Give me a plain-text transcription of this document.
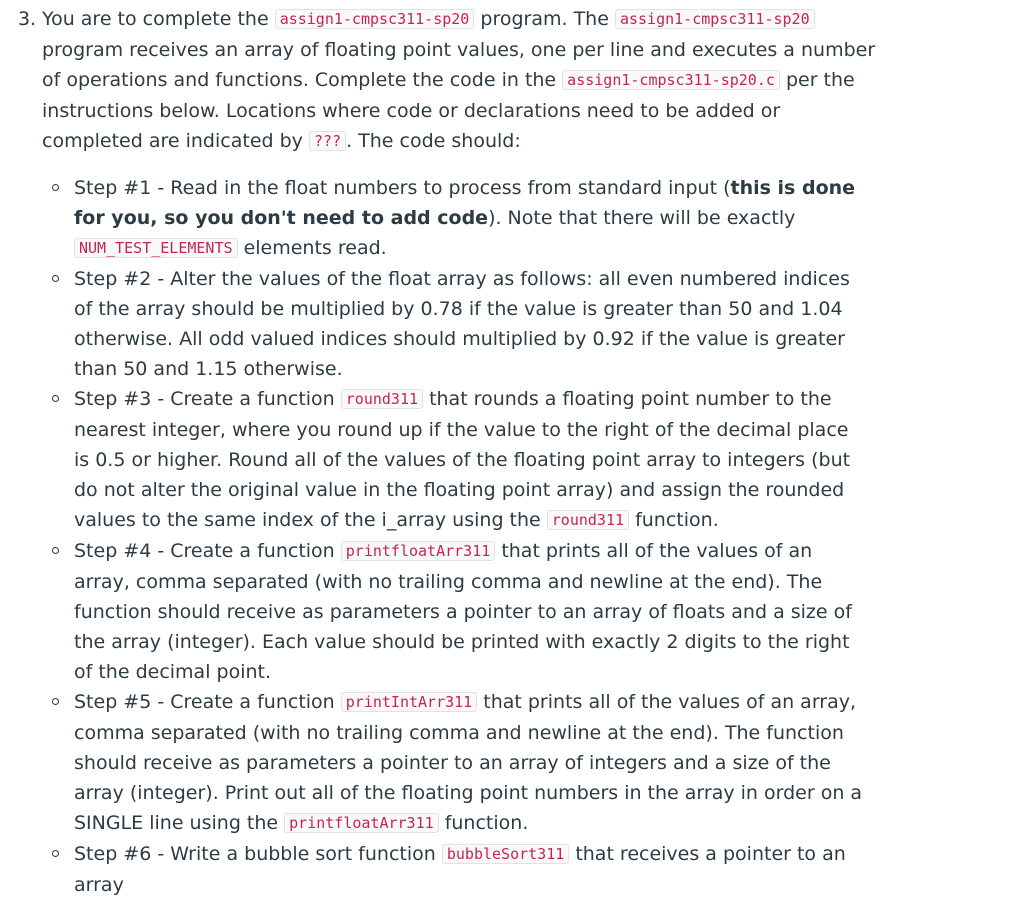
3. You are to complete the assign1-cmpsc311-sp20 program. The assign1-cmpsc311-sp20 program receives an array of floating point values, one per line and executes a number of operations and functions. Complete the code in the assign1-cmpsc311-sp20.c per the instructions below. Locations where code or declarations need to be added or completed are indicated by ??? . The code should:

Step #1 - Read in the float numbers to process from standard input (this is done for you, so you don't need to add code). Note that there will be exactly NUM_TEST_ELEMENTS elements read.
Step #2 - Alter the values of the float array as follows: all even numbered indices of the array should be multiplied by 0.78 if the value is greater than 50 and 1.04 otherwise. All odd valued indices should multiplied by 0.92 if the value is greater than 50 and 1.15 otherwise.
Step #3 - Create a function round311 that rounds a floating point number to the nearest integer, where you round up if the value to the right of the decimal place is 0.5 or higher. Round all of the values of the floating point array to integers (but do not alter the original value in the floating point array) and assign the rounded values to the same index of the i_array using the round311 function.
Step #4 - Create a function printfloatArr311 that prints all of the values of an array, comma separated (with no trailing comma and newline at the end). The function should receive as parameters a pointer to an array of floats and a size of the array (integer). Each value should be printed with exactly 2 digits to the right of the decimal point.
Step #5 - Create a function printIntArr311 that prints all of the values of an array, comma separated (with no trailing comma and newline at the end). The function should receive as parameters a pointer to an array of integers and a size of the array (integer). Print out all of the floating point numbers in the array in order on a SINGLE line using the printfloatArr311 function.
Step #6 - Write a bubble sort function bubbleSort311 that receives a pointer to an array
